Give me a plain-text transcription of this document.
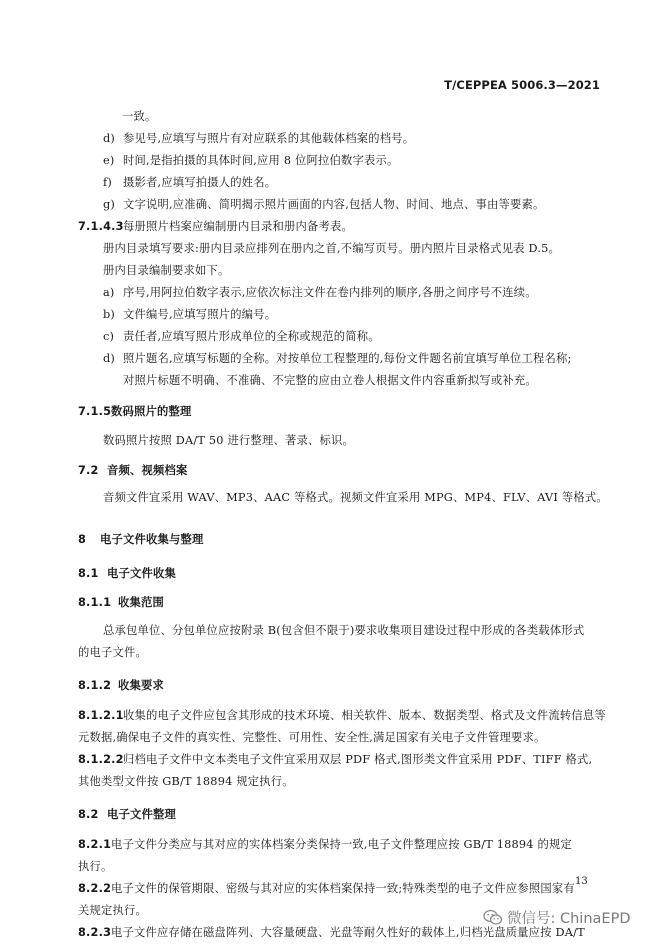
T/CEPPEA 5006.3—2021
一致。
d) 参见号,应填写与照片有对应联系的其他载体档案的档号。
e) 时间,是指拍摄的具体时间,应用 8 位阿拉伯数字表示。
f) 摄影者,应填写拍摄人的姓名。
g) 文字说明,应准确、简明揭示照片画面的内容,包括人物、时间、地点、事由等要素。
7.1.4.3每册照片档案应编制册内目录和册内备考表。
册内目录填写要求:册内目录应排列在册内之首,不编写页号。册内照片目录格式见表 D.5。
册内目录编制要求如下。
a) 序号,用阿拉伯数字表示,应依次标注文件在卷内排列的顺序,各册之间序号不连续。
b) 文件编号,应填写照片的编号。
c) 责任者,应填写照片形成单位的全称或规范的简称。
d) 照片题名,应填写标题的全称。对按单位工程整理的,每份文件题名前宜填写单位工程名称;
对照片标题不明确、不准确、不完整的应由立卷人根据文件内容重新拟写或补充。
7.1.5数码照片的整理
数码照片按照 DA/T 50 进行整理、著录、标识。
7.2 音频、视频档案
音频文件宜采用 WAV、MP3、AAC 等格式。视频文件宜采用 MPG、MP4、FLV、AVI 等格式。
8 电子文件收集与整理
8.1 电子文件收集
8.1.1 收集范围
总承包单位、分包单位应按附录 B(包含但不限于)要求收集项目建设过程中形成的各类载体形式
的电子文件。
8.1.2 收集要求
8.1.2.1收集的电子文件应包含其形成的技术环境、相关软件、版本、数据类型、格式及文件流转信息等
元数据,确保电子文件的真实性、完整性、可用性、安全性,满足国家有关电子文件管理要求。
8.1.2.2归档电子文件中文本类电子文件宜采用双层 PDF 格式,图形类文件宜采用 PDF、TIFF 格式,
其他类型文件按 GB/T 18894 规定执行。
8.2 电子文件整理
8.2.1电子文件分类应与其对应的实体档案分类保持一致,电子文件整理应按 GB/T 18894 的规定
执行。
8.2.2电子文件的保管期限、密级与其对应的实体档案保持一致;特殊类型的电子文件应参照国家有
关规定执行。
8.2.3电子文件应存储在磁盘阵列、大容量硬盘、光盘等耐久性好的载体上,归档光盘质量应按 DA/T
13
微信号: ChinaEPD
